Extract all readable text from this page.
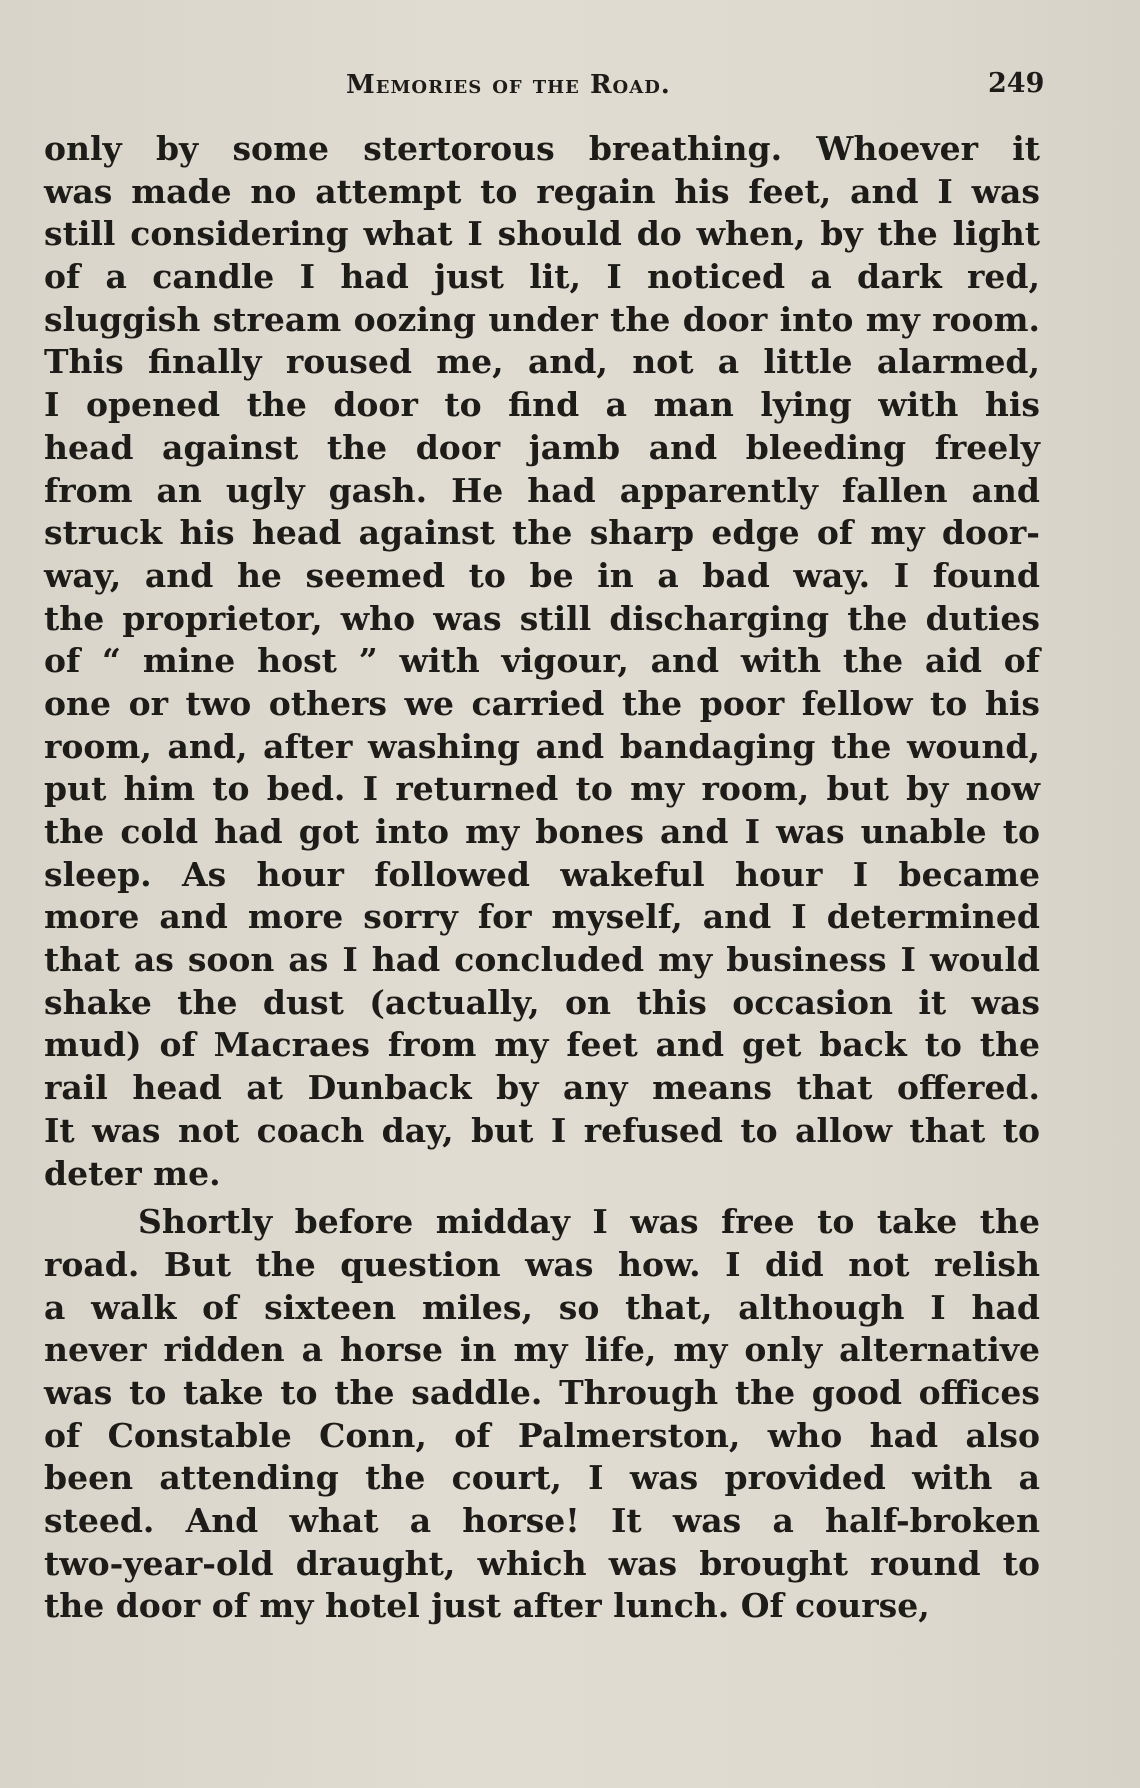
Memories of the Road.	249
only by some stertorous breathing. Whoever it
was made no attempt to regain his feet, and I was
still considering what I should do when, by the light
of a candle I had just lit, I noticed a dark red,
sluggish stream oozing under the door into my room.
This finally roused me, and, not a little alarmed,
I opened the door to find a man lying with his
head against the door jamb and bleeding freely
from an ugly gash. He had apparently fallen and
struck his head against the sharp edge of my door-
way, and he seemed to be in a bad way. I found
the proprietor, who was still discharging the duties
of “ mine host ” with vigour, and with the aid of
one or two others we carried the poor fellow to his
room, and, after washing and bandaging the wound,
put him to bed. I returned to my room, but by now
the cold had got into my bones and I was unable to
sleep. As hour followed wakeful hour I became
more and more sorry for myself, and I determined
that as soon as I had concluded my business I would
shake the dust (actually, on this occasion it was
mud) of Macraes from my feet and get back to the
rail head at Dunback by any means that offered.
It was not coach day, but I refused to allow that to
deter me.
Shortly before midday I was free to take the
road. But the question was how. I did not relish
a walk of sixteen miles, so that, although I had
never ridden a horse in my life, my only alternative
was to take to the saddle. Through the good offices
of Constable Conn, of Palmerston, who had also
been attending the court, I was provided with a
steed. And what a horse! It was a half-broken
two-year-old draught, which was brought round to
the door of my hotel just after lunch. Of course,
